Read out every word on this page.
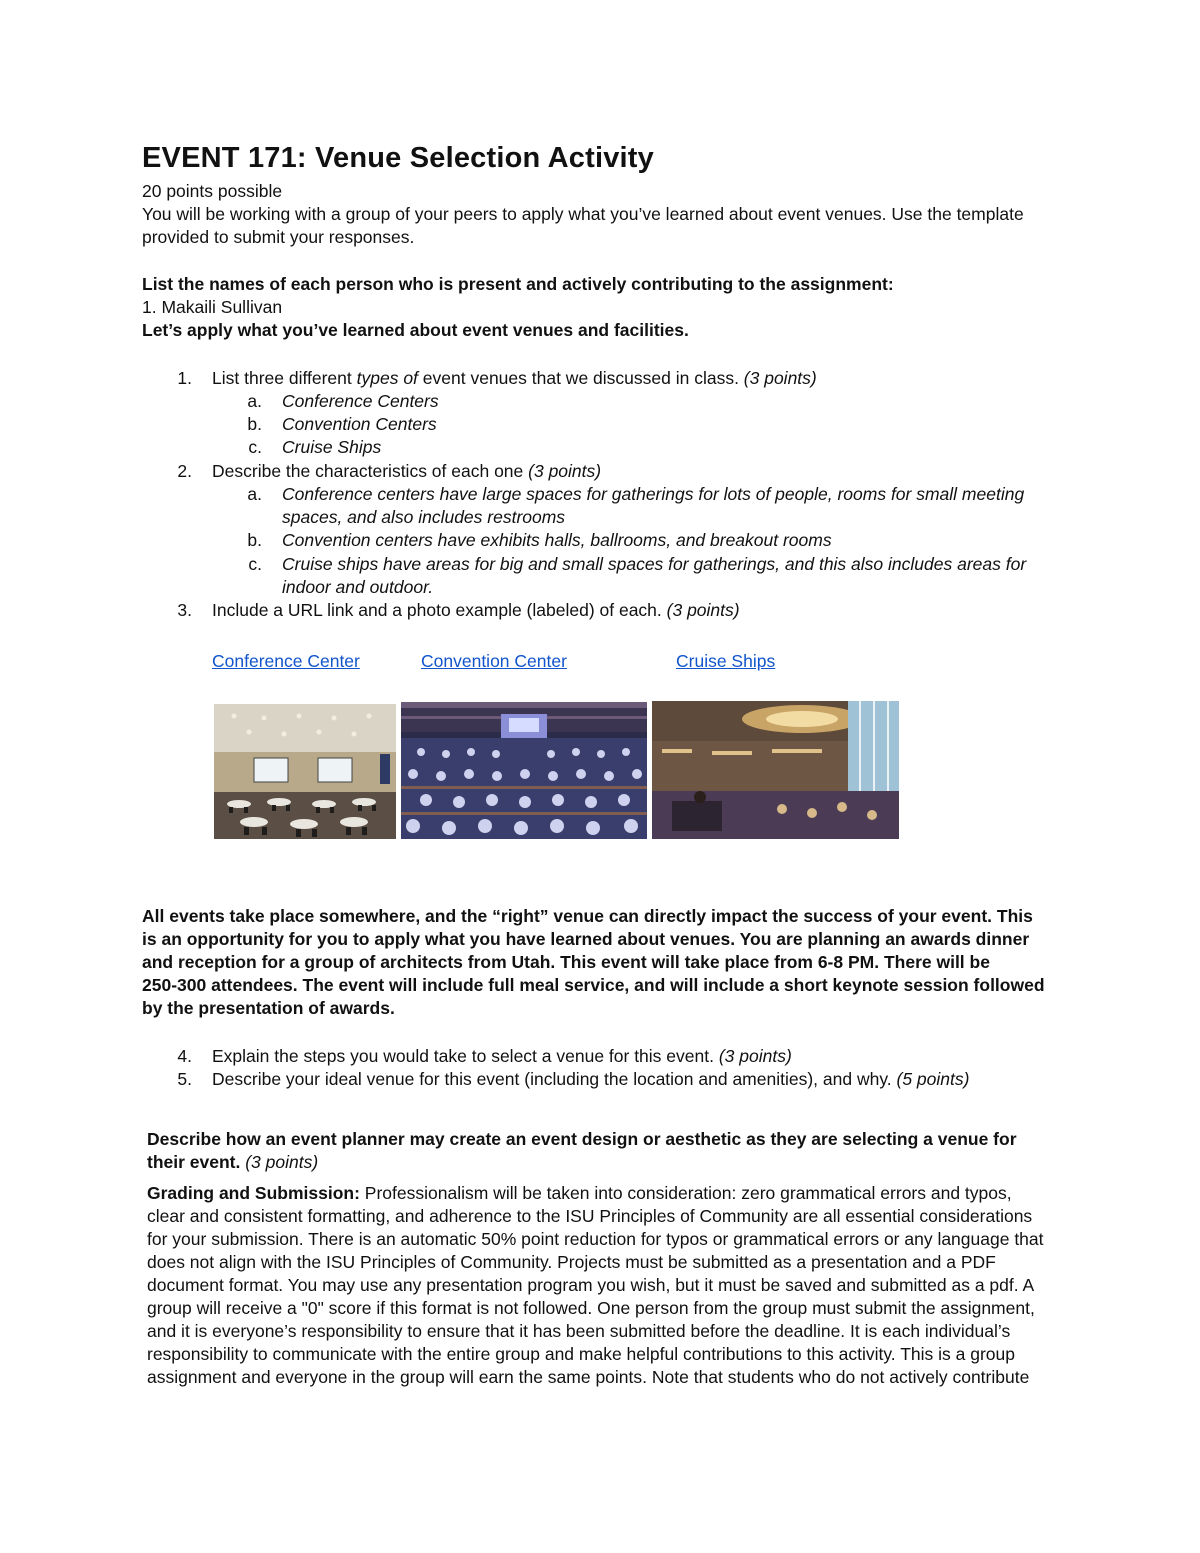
EVENT 171: Venue Selection Activity
20 points possible
You will be working with a group of your peers to apply what you’ve learned about event venues. Use the template
provided to submit your responses.
List the names of each person who is present and actively contributing to the assignment:
1. Makaili Sullivan
Let’s apply what you’ve learned about event venues and facilities.
1. List three different types of event venues that we discussed in class. (3 points)
a. Conference Centers
b. Convention Centers
c. Cruise Ships
2. Describe the characteristics of each one (3 points)
a. Conference centers have large spaces for gatherings for lots of people, rooms for small meeting
spaces, and also includes restrooms
b. Convention centers have exhibits halls, ballrooms, and breakout rooms
c. Cruise ships have areas for big and small spaces for gatherings, and this also includes areas for
indoor and outdoor.
3. Include a URL link and a photo example (labeled) of each. (3 points)
Conference Center	Convention Center	Cruise Ships
All events take place somewhere, and the “right” venue can directly impact the success of your event. This
is an opportunity for you to apply what you have learned about venues. You are planning an awards dinner
and reception for a group of architects from Utah. This event will take place from 6-8 PM. There will be
250-300 attendees. The event will include full meal service, and will include a short keynote session followed
by the presentation of awards.
4. Explain the steps you would take to select a venue for this event. (3 points)
5. Describe your ideal venue for this event (including the location and amenities), and why. (5 points)
Describe how an event planner may create an event design or aesthetic as they are selecting a venue for
their event. (3 points)
Grading and Submission: Professionalism will be taken into consideration: zero grammatical errors and typos,
clear and consistent formatting, and adherence to the ISU Principles of Community are all essential considerations
for your submission. There is an automatic 50% point reduction for typos or grammatical errors or any language that
does not align with the ISU Principles of Community. Projects must be submitted as a presentation and a PDF
document format. You may use any presentation program you wish, but it must be saved and submitted as a pdf. A
group will receive a "0" score if this format is not followed. One person from the group must submit the assignment,
and it is everyone’s responsibility to ensure that it has been submitted before the deadline. It is each individual’s
responsibility to communicate with the entire group and make helpful contributions to this activity. This is a group
assignment and everyone in the group will earn the same points. Note that students who do not actively contribute
